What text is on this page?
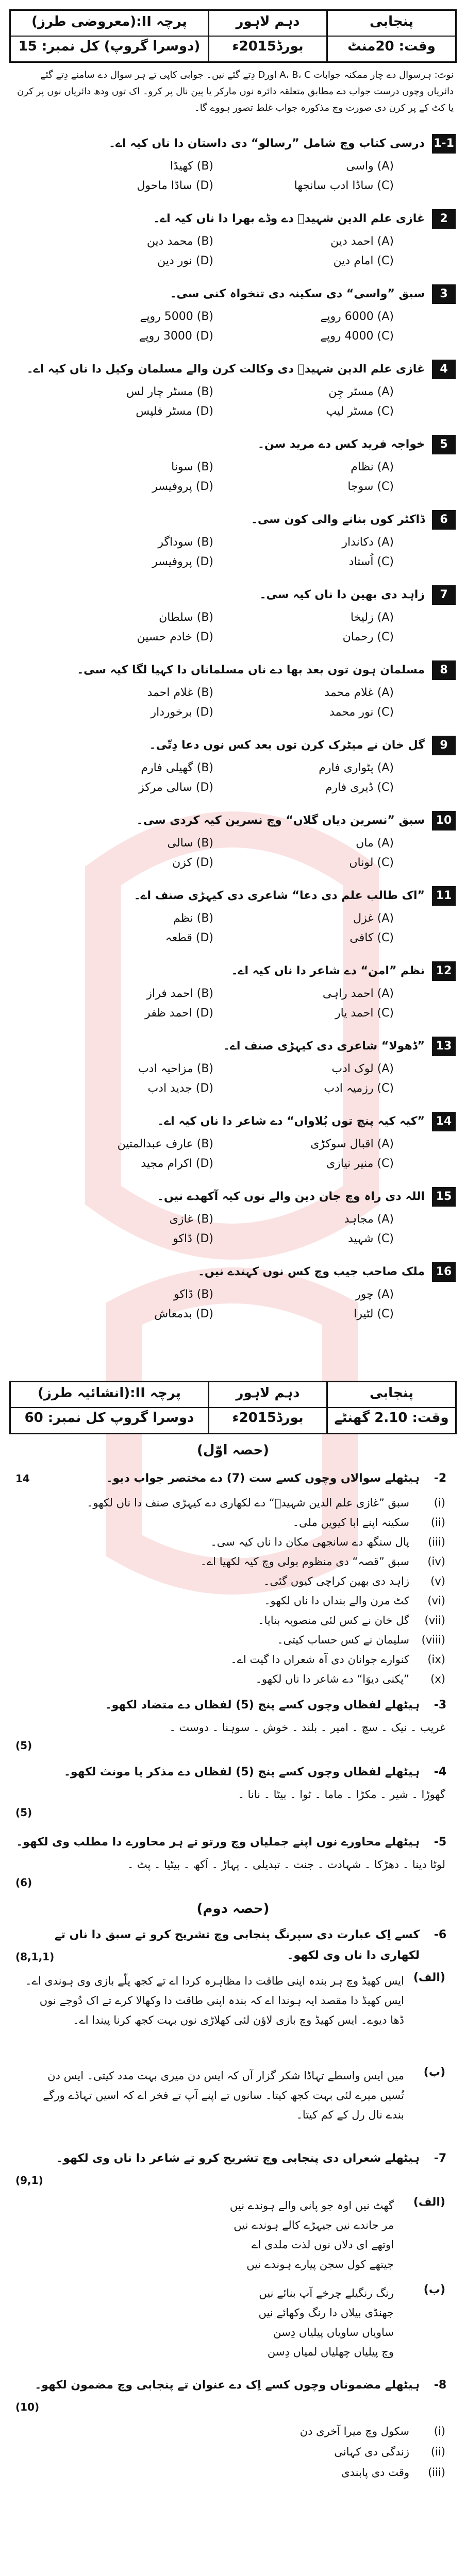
پنجابی
وقت: 20منٹ
دہم لاہور
بورڈ2015ء
پرچہ II:(معروضی طرز)
(دوسرا گروپ) کل نمبر: 15
نوٹ: ہرسوال دے چار ممکنہ جوابات A، B، C اورD دِتے گئے نیں۔ جوابی کاپی تے ہر سوال دے سامنے دِتے گئے دائریاں وچوں درست جواب دے مطابق متعلقہ دائرہ نوں مارکر یا پین نال پر کرو۔ اک توں ودھ دائریاں نوں پر کرن یا کٹ کے پر کرن دی صورت وچ مذکورہ جواب غلط تصور ہووے گا۔
1-1
درسی کتاب وچ شامل ”رسالو“ دی داستان دا ناں کیہ اے۔
(A) واسی
(B) کھیڈا
(C) ساڈا ادب سانجھا
(D) ساڈا ماحول
2
غازی علم الدین شہیدؒ دے وڈے بھرا دا ناں کیہ اے۔
(A) احمد دین
(B) محمد دین
(C) امام دین
(D) نور دین
3
سبق ”واسی“ دی سکینہ دی تنخواہ کنی سی۔
(A) 6000 روپے
(B) 5000 روپے
(C) 4000 روپے
(D) 3000 روپے
4
غازی علم الدین شہیدؒ دی وکالت کرن والے مسلمان وکیل دا ناں کیہ اے۔
(A) مسٹر جِن
(B) مسٹر چار لس
(C) مسٹر لیپ
(D) مسٹر فلپس
5
خواجہ فرید کس دے مرید سن۔
(A) نظام
(B) سونا
(C) سوجا
(D) پروفیسر
6
ڈاکٹر کوں بنانے والی کون سی۔
(A) دکاندار
(B) سوداگر
(C) اُستاد
(D) پروفیسر
7
زاہد دی بھین دا ناں کیہ سی۔
(A) زلیخا
(B) سلطان
(C) رحمان
(D) خادم حسین
8
مسلمان ہون توں بعد بھا دے ناں مسلماناں دا کہیا لگا کیہ سی۔
(A) غلام محمد
(B) غلام احمد
(C) نور محمد
(D) برخوردار
9
گل خان نے میٹرک کرن توں بعد کس نوں دعا دِتّی۔
(A) پٹواری فارم
(B) گھیلی فارم
(C) ڈیری فارم
(D) سالی مرکز
10
سبق ”نسرین دیاں گلاں“ وچ نسرین کیہ کردی سی۔
(A) ماں
(B) سالی
(C) لوناں
(D) کزن
11
”اک طالب علم دی دعا“ شاعری دی کیہڑی صنف اے۔
(A) غزل
(B) نظم
(C) کافی
(D) قطعہ
12
نظم ”امن“ دے شاعر دا ناں کیہ اے۔
(A) احمد راہی
(B) احمد فراز
(C) احمد یار
(D) احمد ظفر
13
”ڈھولا“ شاعری دی کیہڑی صنف اے۔
(A) لوک ادب
(B) مزاحیہ ادب
(C) رزمیہ ادب
(D) جدید ادب
14
”کیہ کیہ پنچ توں بُلاواں“ دے شاعر دا ناں کیہ اے۔
(A) اقبال سوکڑی
(B) عارف عبدالمتین
(C) منیر نیازی
(D) اکرام مجید
15
اللہ دی راہ وچ جان دین والے نوں کیہ آکھدے نیں۔
(A) مجاہد
(B) غازی
(C) شہید
(D) ڈاکو
16
ملک صاحب جیب وچ کس نوں کہندے نیں۔
(A) چور
(B) ڈاکو
(C) لٹیرا
(D) بدمعاش
پنجابی
وقت: 2.10 گھنٹے
دہم لاہور
بورڈ2015ء
پرچہ II:(انشائیہ طرز)
دوسرا گروپ کل نمبر: 60
(حصہ اوّل)
2-
ہیٹھلے سوالاں وچوں کسے ست (7) دے مختصر جواب دیو۔
14
(i)
سبق ”غازی علم الدین شہیدؒ“ دے لکھاری دے کیہڑی صنف دا ناں لکھو۔
(ii)
سکینہ اپنے ابا کیویں ملی۔
(iii)
پال سنگھ دے سانجھی مکان دا ناں کیہ سی۔
(iv)
سبق ”قصہ“ دی منظوم بولی وچ کیہ لکھیا اے۔
(v)
زاہد دی بھین کراچی کیوں گئی۔
(vi)
کٹ مرن والے بنداں دا ناں لکھو۔
(vii)
گل خان نے کس لئی منصوبہ بنایا۔
(viii)
سلیمان نے کس حساب کیتی۔
(ix)
کنوارے جوانان دی آہ شعراں دا گیت اے۔
(x)
”پکنی دیوَا“ دے شاعر دا ناں لکھو۔
3-
ہیٹھلے لفظاں وچوں کسے پنج (5) لفظاں دے متضاد لکھو۔
غریب ۔ نیک ۔ سچ ۔ امیر ۔ بلند ۔ خوش ۔ سوہنا ۔ دوست ۔
(5)
4-
ہیٹھلے لفظاں وچوں کسے پنج (5) لفظاں دے مذکر یا مونث لکھو۔
گھوڑا ۔ شیر ۔ مکڑا ۔ ماما ۔ ٹوا ۔ بیٹا ۔ نانا ۔
(5)
5-
ہیٹھلے محاورے نوں اپنے جملیاں وچ ورتو تے ہر محاورے دا مطلب وی لکھو۔
لوٹا دینا ۔ دھڑکا ۔ شہادت ۔ جنت ۔ تبدیلی ۔ پہاڑ ۔ اَکھ ۔ بیٹیا ۔ پٹ ۔
(6)
(حصہ دوم)
6-
کسے اِک عبارت دی سپرنگ پنجابی وچ تشریح کرو تے سبق دا ناں تے لکھاری دا ناں وی لکھو۔
(8,1,1)
(الف)
ایس کھیڈ وچ ہر بندہ اپنی طاقت دا مظاہرہ کردا اے تے کجھ پلّے بازی وی ہوندی اے۔ ایس کھیڈ دا مقصد ایہ ہوندا اے کہ بندہ اپنی طاقت دا وکھالا کرے تے اک دُوجے نوں ڈھا دیوے۔ ایس کھیڈ وچ بازی لاؤن لئی کھلاڑی نوں بہت کجھ کرنا پیندا اے۔
(ب)
میں ایس واسطے تہاڈا شکر گزار آں کہ ایس دن میری بہت مدد کیتی۔ ایس دن تُسیں میرے لئی بہت کجھ کیتا۔ سانوں تے اپنے آپ تے فخر اے کہ اسیں تہاڈے ورگے بندے نال رل کے کم کیتا۔
7-
ہیٹھلے شعراں دی پنجابی وچ تشریح کرو تے شاعر دا ناں وی لکھو۔
(9,1)
(الف)
گھٹ نیں اوہ جو پانی والے ہوندے نیں
مر جاندے نیں جیہڑے کالے ہوندے نیں
اوتھے ای دلاں نوں لذت ملدی اے
جیتھے کول سجن پیارے ہوندے نیں
(ب)
رنگ رنگیلے چرخے آپ بنائے نیں
جھنڈی بیلاں دا رنگ وکھائے نیں
ساویاں ساویاں پیلیاں دِسن
وچ پیلیاں چھلیاں لمیاں دِسن
8-
ہیٹھلے مضموناں وچوں کسے اِک دے عنوان تے پنجابی وچ مضمون لکھو۔
(10)
(i)
سکول وچ میرا آخری دن
(ii)
زندگی دی کہانی
(iii)
وقت دی پابندی
